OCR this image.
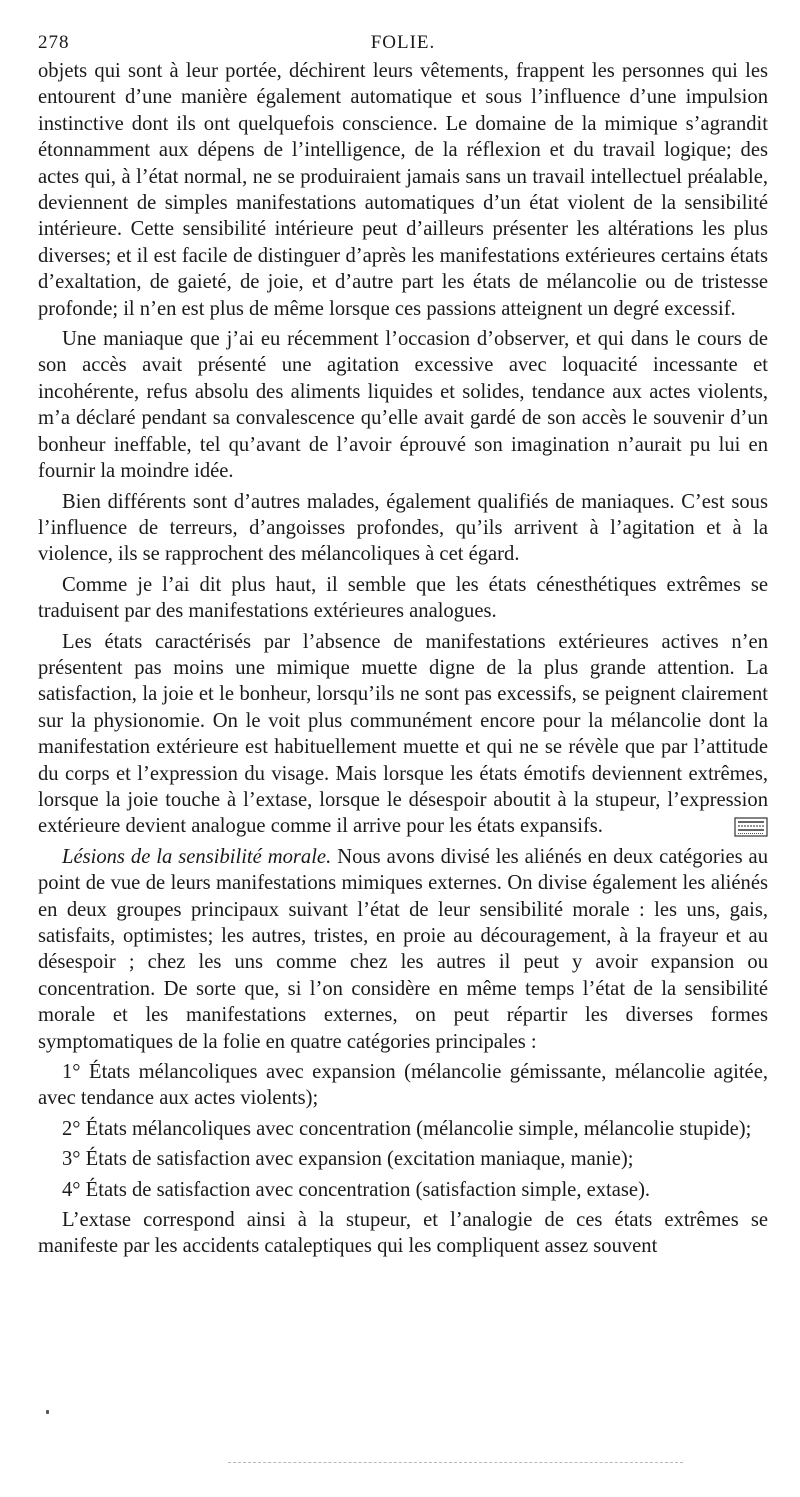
278	FOLIE.

objets qui sont à leur portée, déchirent leurs vêtements, frappent les personnes qui les entourent d’une manière également automatique et sous l’influence d’une impulsion instinctive dont ils ont quelquefois conscience. Le domaine de la mimique s’agrandit étonnamment aux dépens de l’intelligence, de la réflexion et du travail logique; des actes qui, à l’état normal, ne se produiraient jamais sans un travail intellectuel préalable, deviennent de simples manifestations automatiques d’un état violent de la sensibilité intérieure. Cette sensibilité intérieure peut d’ailleurs présenter les altérations les plus diverses; et il est facile de distinguer d’après les manifestations extérieures certains états d’exaltation, de gaieté, de joie, et d’autre part les états de mélancolie ou de tristesse profonde; il n’en est plus de même lorsque ces passions atteignent un degré excessif.

Une maniaque que j’ai eu récemment l’occasion d’observer, et qui dans le cours de son accès avait présenté une agitation excessive avec loquacité incessante et incohérente, refus absolu des aliments liquides et solides, tendance aux actes violents, m’a déclaré pendant sa convalescence qu’elle avait gardé de son accès le souvenir d’un bonheur ineffable, tel qu’avant de l’avoir éprouvé son imagination n’aurait pu lui en fournir la moindre idée.

Bien différents sont d’autres malades, également qualifiés de maniaques. C’est sous l’influence de terreurs, d’angoisses profondes, qu’ils arrivent à l’agitation et à la violence, ils se rapprochent des mélancoliques à cet égard.

Comme je l’ai dit plus haut, il semble que les états cénesthétiques extrêmes se traduisent par des manifestations extérieures analogues.

Les états caractérisés par l’absence de manifestations extérieures actives n’en présentent pas moins une mimique muette digne de la plus grande attention. La satisfaction, la joie et le bonheur, lorsqu’ils ne sont pas excessifs, se peignent clairement sur la physionomie. On le voit plus communément encore pour la mélancolie dont la manifestation extérieure est habituellement muette et qui ne se révèle que par l’attitude du corps et l’expression du visage. Mais lorsque les états émotifs deviennent extrêmes, lorsque la joie touche à l’extase, lorsque le désespoir aboutit à la stupeur, l’expression extérieure devient analogue comme il arrive pour les états expansifs.

Lésions de la sensibilité morale. Nous avons divisé les aliénés en deux catégories au point de vue de leurs manifestations mimiques externes. On divise également les aliénés en deux groupes principaux suivant l’état de leur sensibilité morale : les uns, gais, satisfaits, optimistes; les autres, tristes, en proie au découragement, à la frayeur et au désespoir ; chez les uns comme chez les autres il peut y avoir expansion ou concentration. De sorte que, si l’on considère en même temps l’état de la sensibilité morale et les manifestations externes, on peut répartir les diverses formes symptomatiques de la folie en quatre catégories principales :

1° États mélancoliques avec expansion (mélancolie gémissante, mélancolie agitée, avec tendance aux actes violents);

2° États mélancoliques avec concentration (mélancolie simple, mélancolie stupide);

3° États de satisfaction avec expansion (excitation maniaque, manie);

4° États de satisfaction avec concentration (satisfaction simple, extase).

L’extase correspond ainsi à la stupeur, et l’analogie de ces états extrêmes se manifeste par les accidents cataleptiques qui les compliquent assez souvent
